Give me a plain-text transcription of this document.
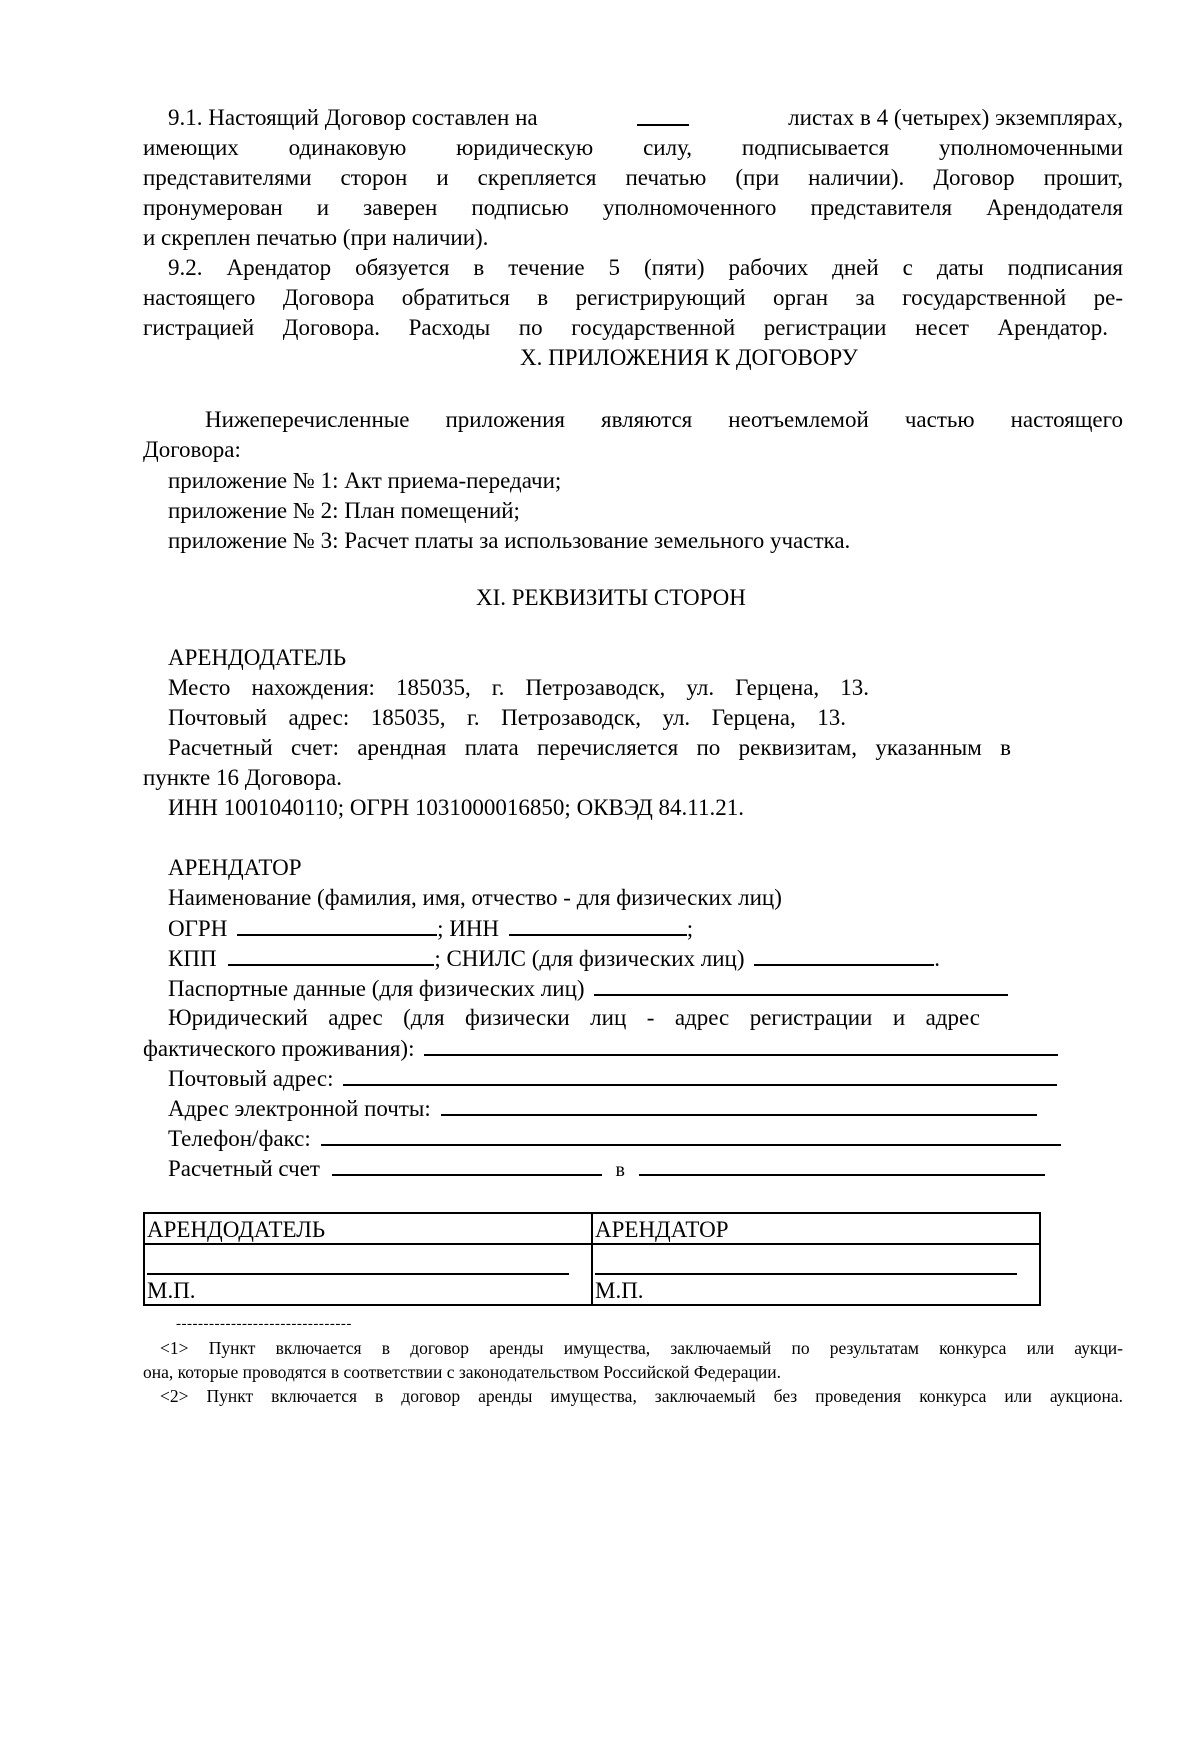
9.1. Настоящий Договор составлен на	листах в 4 (четырех) экземплярах,
имеющих одинаковую юридическую силу, подписывается уполномоченными
представителями сторон и скрепляется печатью (при наличии). Договор прошит,
пронумерован и заверен подписью уполномоченного представителя Арендодателя
и скреплен печатью (при наличии).
9.2. Арендатор обязуется в течение 5 (пяти) рабочих дней с даты подписания
настоящего Договора обратиться в регистрирующий орган за государственной ре-
гистрацией Договора. Расходы по государственной регистрации несет Арендатор.
X. ПРИЛОЖЕНИЯ К ДОГОВОРУ
Нижеперечисленные приложения являются неотъемлемой частью настоящего
Договора:
приложение № 1: Акт приема-передачи;
приложение № 2: План помещений;
приложение № 3: Расчет платы за использование земельного участка.
XI. РЕКВИЗИТЫ СТОРОН
АРЕНДОДАТЕЛЬ
Место нахождения: 185035, г. Петрозаводск, ул. Герцена, 13.
Почтовый адрес: 185035, г. Петрозаводск, ул. Герцена, 13.
Расчетный счет: арендная плата перечисляется по реквизитам, указанным в
пункте 16 Договора.
ИНН 1001040110; ОГРН 1031000016850; ОКВЭД 84.11.21.
АРЕНДАТОР
Наименование (фамилия, имя, отчество - для физических лиц)
ОГРН	; ИНН	;
КПП	; СНИЛС (для физических лиц)	.
Паспортные данные (для физических лиц)
Юридический адрес (для физически лиц - адрес регистрации и адрес
фактического проживания):
Почтовый адрес:
Адрес электронной почты:
Телефон/факс:
Расчетный счет	в
АРЕНДОДАТЕЛЬ	АРЕНДАТОР

М.П.	М.П.
--------------------------------
<1> Пункт включается в договор аренды имущества, заключаемый по результатам конкурса или аукци-
она, которые проводятся в соответствии с законодательством Российской Федерации.
<2> Пункт включается в договор аренды имущества, заключаемый без проведения конкурса или аукциона.
